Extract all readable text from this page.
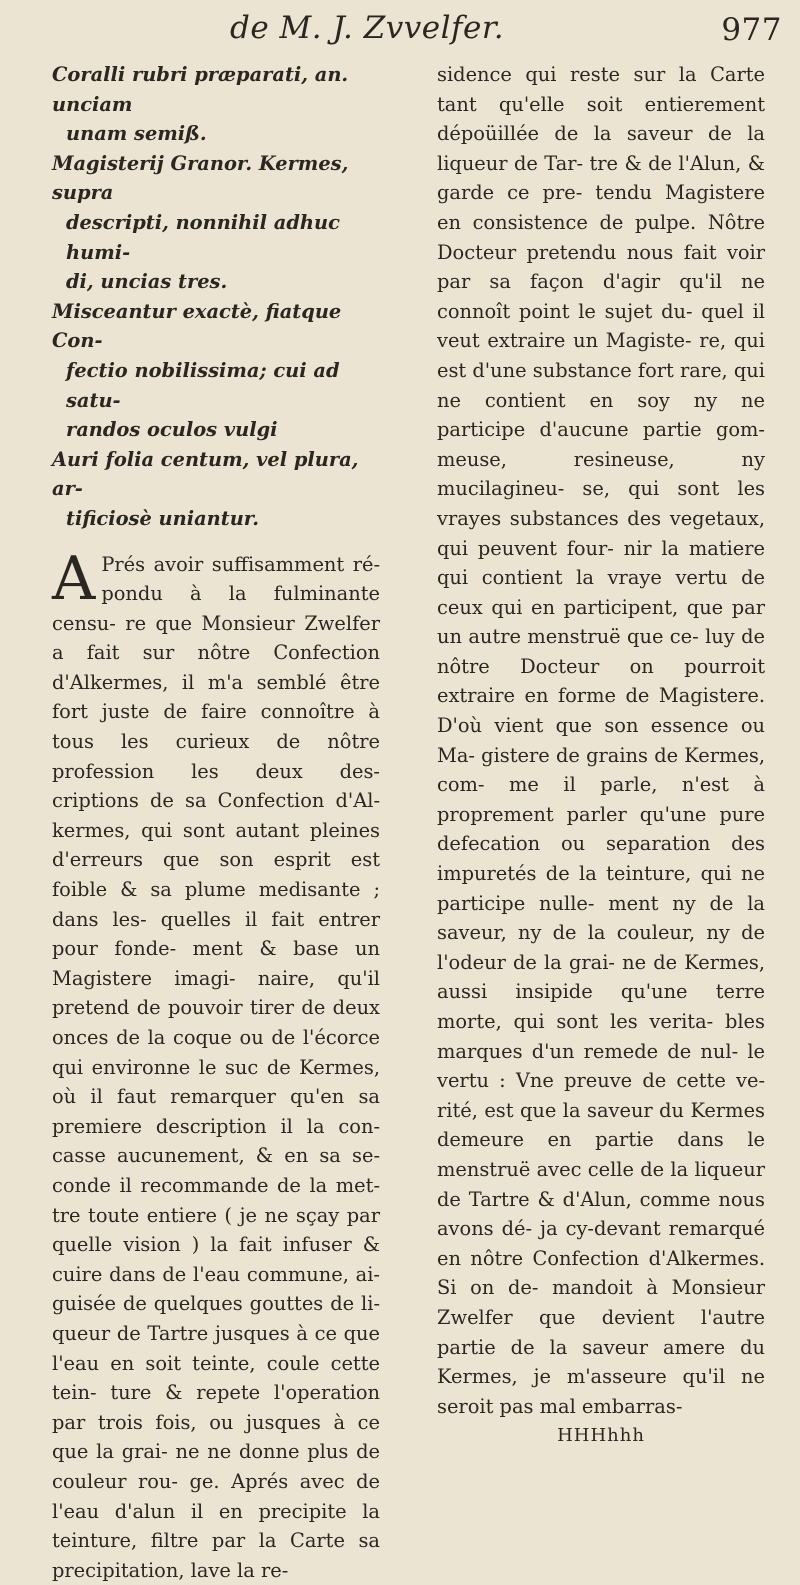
de M. J. Zvvelfer.	977

Coralli rubri præparati, an. unciam

unam semiß.

Magisterij Granor. Kermes, supra

descripti, nonnihil adhuc humi-

di, uncias tres.

Misceantur exactè, fiatque Con-

fectio nobilissima; cui ad satu-

randos oculos vulgi

Auri folia centum, vel plura, ar-

tificiosè uniantur.

A Prés avoir suffisamment ré- pondu à la fulminante censu- re que Monsieur Zwelfer a fait sur nôtre Confection d'Alkermes, il m'a semblé être fort juste de faire connoître à tous les curieux de nôtre profession les deux des- criptions de sa Confection d'Al- kermes, qui sont autant pleines d'erreurs que son esprit est foible & sa plume medisante ; dans les- quelles il fait entrer pour fonde- ment & base un Magistere imagi- naire, qu'il pretend de pouvoir tirer de deux onces de la coque ou de l'écorce qui environne le suc de Kermes, où il faut remarquer qu'en sa premiere description il la con- casse aucunement, & en sa se- conde il recommande de la met- tre toute entiere ( je ne sçay par quelle vision ) la fait infuser & cuire dans de l'eau commune, ai- guisée de quelques gouttes de li- queur de Tartre jusques à ce que l'eau en soit teinte, coule cette tein- ture & repete l'operation par trois fois, ou jusques à ce que la grai- ne ne donne plus de couleur rou- ge. Aprés avec de l'eau d'alun il en precipite la teinture, filtre par la Carte sa precipitation, lave la re-

sidence qui reste sur la Carte tant qu'elle soit entierement dépoüillée de la saveur de la liqueur de Tar- tre & de l'Alun, & garde ce pre- tendu Magistere en consistence de pulpe. Nôtre Docteur pretendu nous fait voir par sa façon d'agir qu'il ne connoît point le sujet du- quel il veut extraire un Magiste- re, qui est d'une substance fort rare, qui ne contient en soy ny ne participe d'aucune partie gom- meuse, resineuse, ny mucilagineu- se, qui sont les vrayes substances des vegetaux, qui peuvent four- nir la matiere qui contient la vraye vertu de ceux qui en participent, que par un autre menstruë que ce- luy de nôtre Docteur on pourroit extraire en forme de Magistere. D'où vient que son essence ou Ma- gistere de grains de Kermes, com- me il parle, n'est à proprement parler qu'une pure defecation ou separation des impuretés de la teinture, qui ne participe nulle- ment ny de la saveur, ny de la couleur, ny de l'odeur de la grai- ne de Kermes, aussi insipide qu'une terre morte, qui sont les verita- bles marques d'un remede de nul- le vertu : Vne preuve de cette ve- rité, est que la saveur du Kermes demeure en partie dans le menstruë avec celle de la liqueur de Tartre & d'Alun, comme nous avons dé- ja cy-devant remarqué en nôtre Confection d'Alkermes. Si on de- mandoit à Monsieur Zwelfer que devient l'autre partie de la saveur amere du Kermes, je m'asseure qu'il ne seroit pas mal embarras-

HHHhhh
